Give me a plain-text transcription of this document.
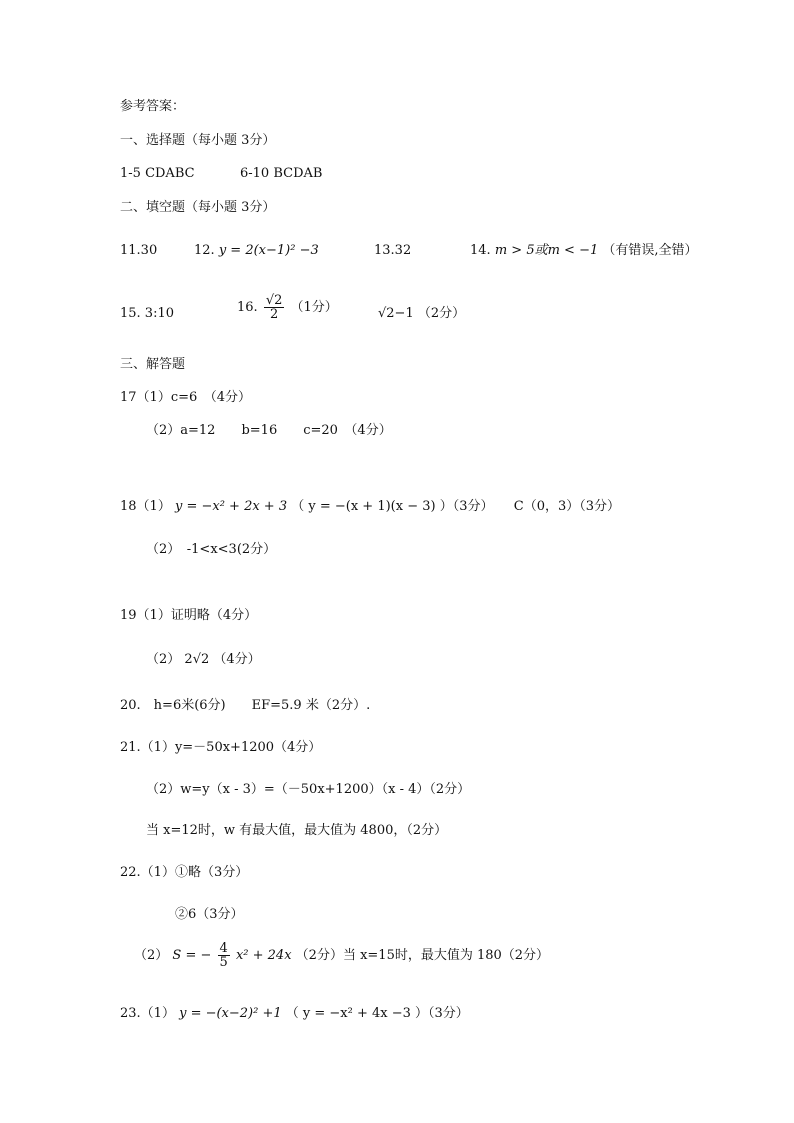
参考答案：
一、选择题（每小题 3分）
1-5 CDABC	6-10 BCDAB
二、填空题（每小题 3分）
11.30	12. y = 2(x−1)² −3	13.32	14. m > 5或m < −1 （有错误,全错）
15. 3:10	16. $\frac{√2}{2} (1$分）	√2−1 （2分）
三、解答题
17（1）c=6　（4分）
（2）a=12　　b=16　　c=20　（4分）
18（1） y = −x² + 2x + 3 （ y = −(x + 1)(x − 3) ）（3分） C（0，3）（3分）
（2）　-1<x<3(2分）
19（1）证明略（4分）
（2） 2√2 （4分）
20.　h=6米(6分)　　EF=5.9 米（2分）.
21.（1）y=－50x+1200（4分）
（2）w=y（x - 3）=（－50x+1200）（x - 4）（2分）
当 x=12时，w 有最大值，最大值为 4800，（2分）
22.（1）①略（3分）
②6（3分）
（2） S = − $\frac{4}{5} x^2 + 24x$ （2分）当 x=15时，最大值为 180（2分）
23.（1） y = −(x−2)² +1 （ y = −x² + 4x −3 ）（3分）
